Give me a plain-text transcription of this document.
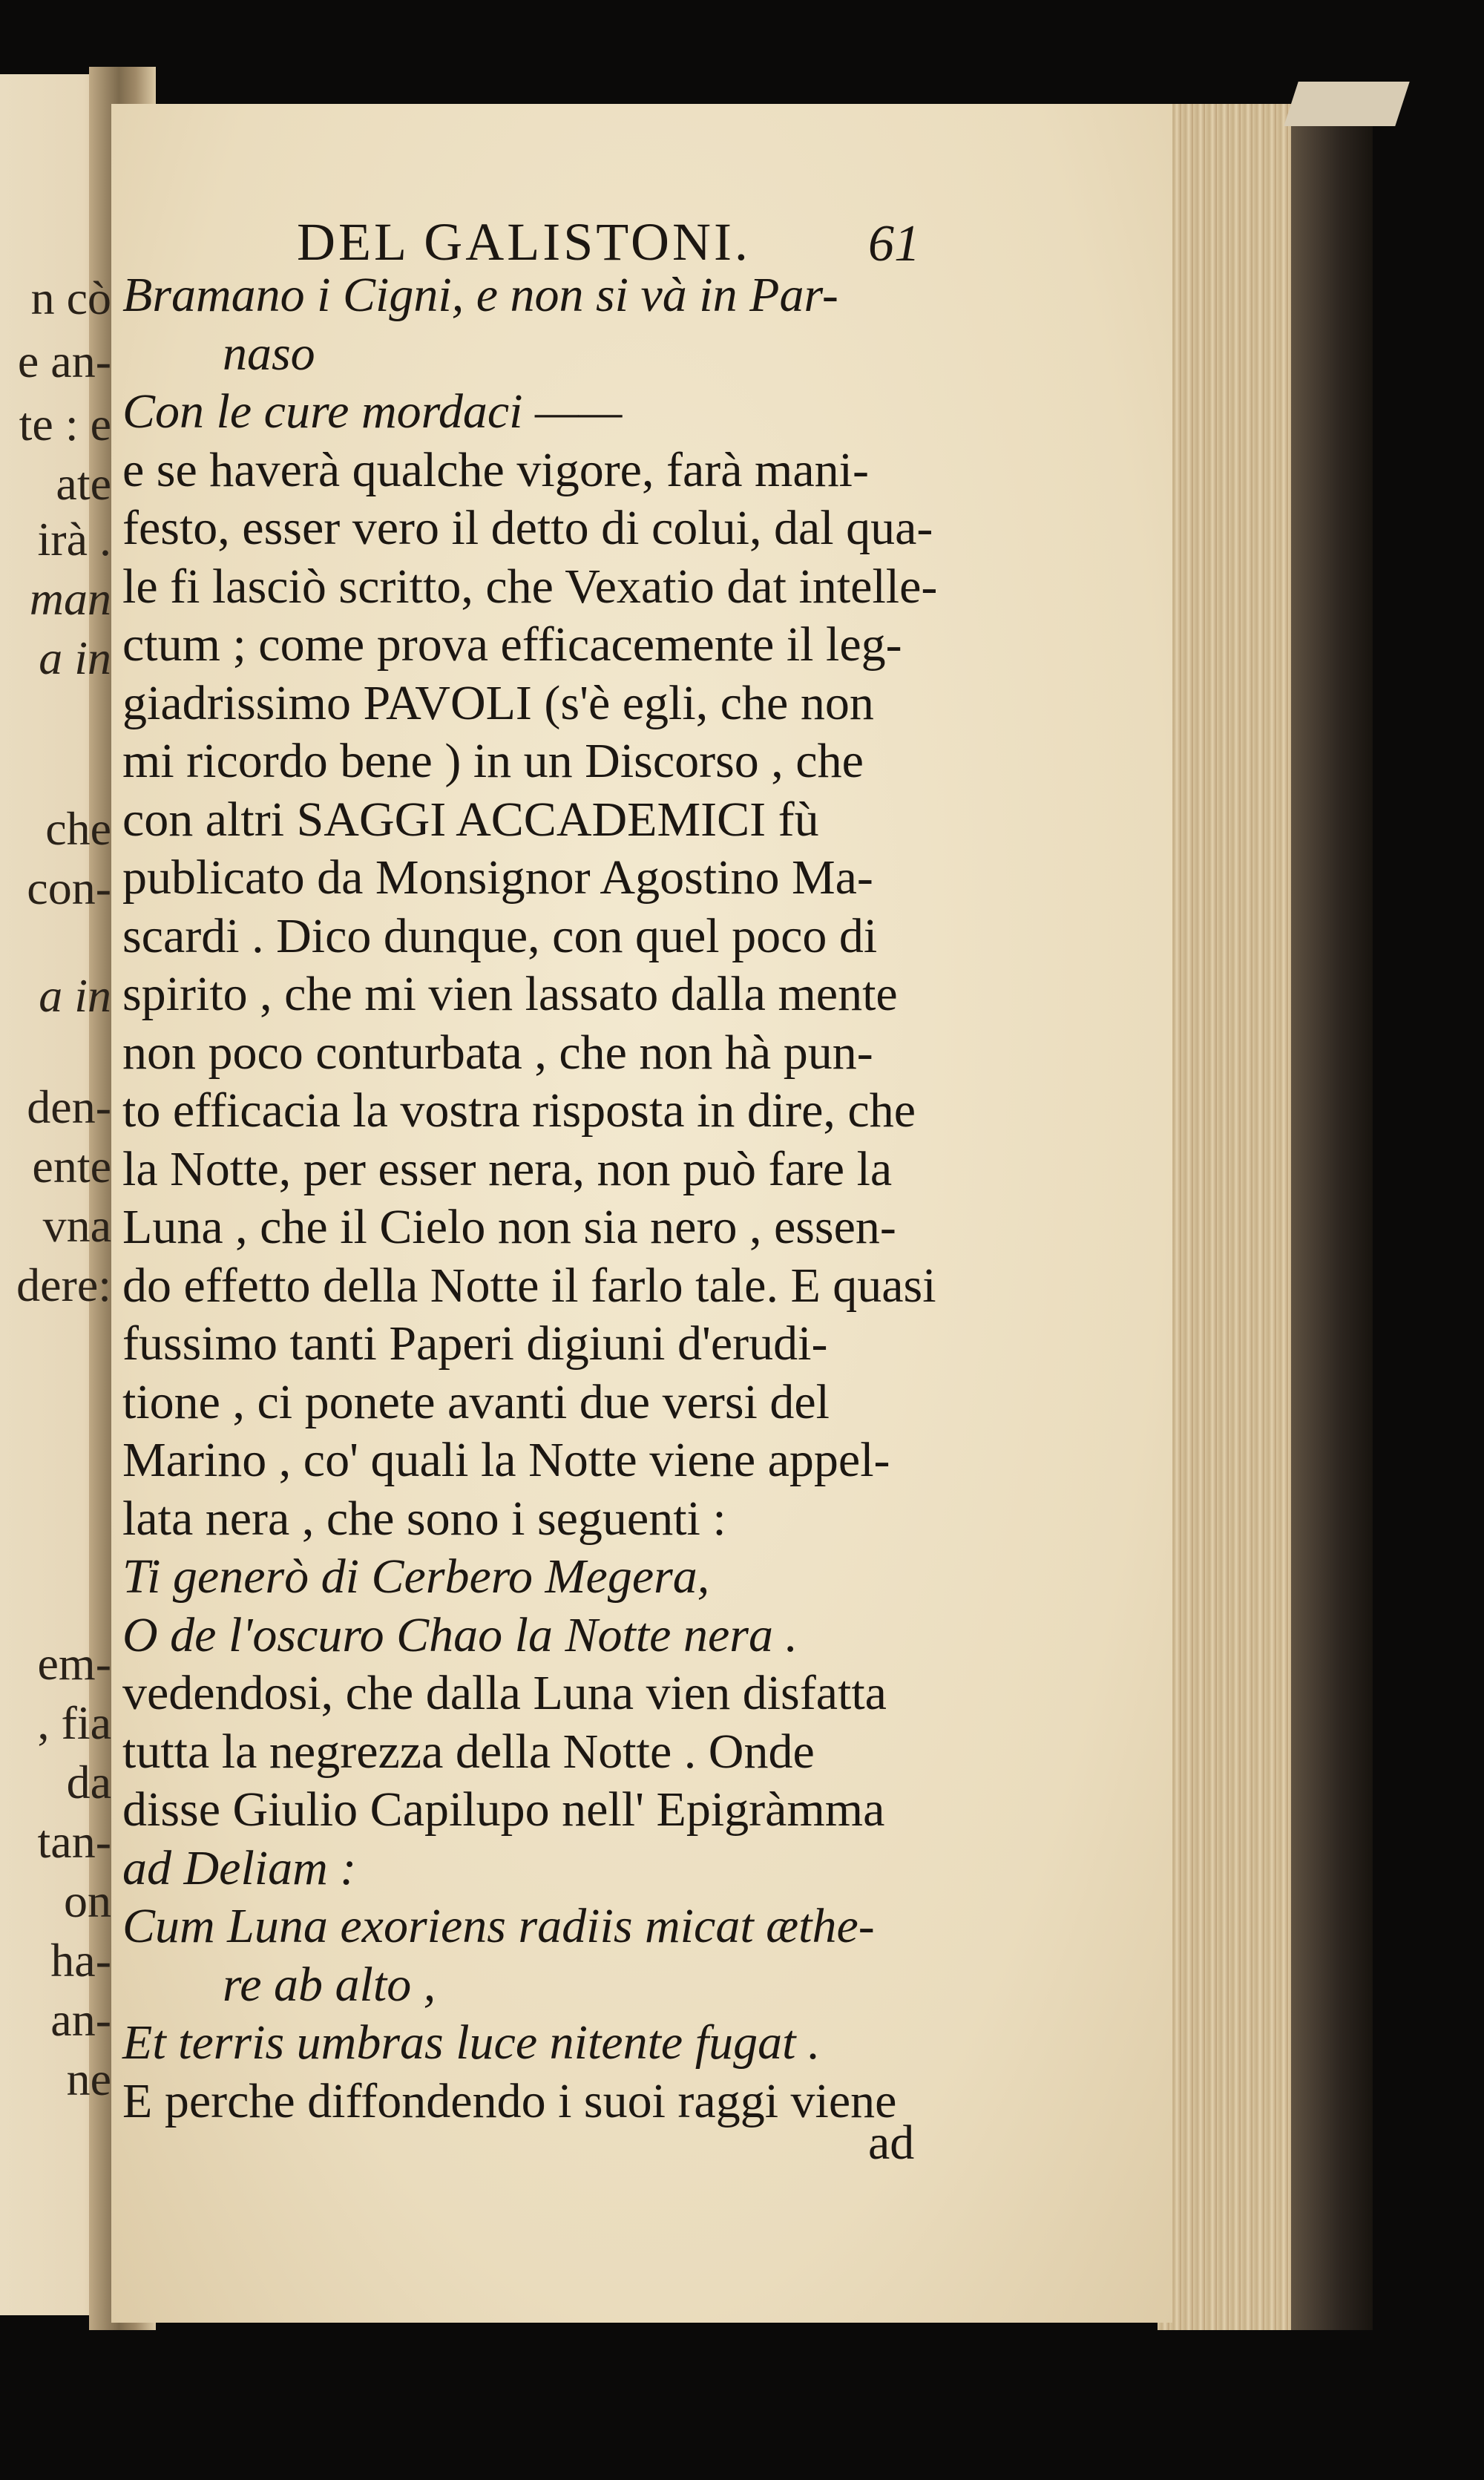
DEL GALISTONI. 61
n cò
e an-
te : e
ate
irà .
man
a in
che
con-
a in
den-
ente
vna
dere:
em-
, fia
da
tan-
on
ha-
an-
ne
Bramano i Cigni, e non si và in Par-
naso
Con le cure mordaci ——
e se haverà qualche vigore, farà mani-
festo, esser vero il detto di colui, dal qua-
le fi lasciò scritto, che Vexatio dat intelle-
ctum ; come prova efficacemente il leg-
giadrissimo PAVOLI (s'è egli, che non
mi ricordo bene ) in un Discorso , che
con altri SAGGI ACCADEMICI fù
publicato da Monsignor Agostino Ma-
scardi . Dico dunque, con quel poco di
spirito , che mi vien lassato dalla mente
non poco conturbata , che non hà pun-
to efficacia la vostra risposta in dire, che
la Notte, per esser nera, non può fare la
Luna , che il Cielo non sia nero , essen-
do effetto della Notte il farlo tale. E quasi
fussimo tanti Paperi digiuni d'erudi-
tione , ci ponete avanti due versi del
Marino , co' quali la Notte viene appel-
lata nera , che sono i seguenti :
Ti generò di Cerbero Megera,
O de l'oscuro Chao la Notte nera .
vedendosi, che dalla Luna vien disfatta
tutta la negrezza della Notte . Onde
disse Giulio Capilupo nell' Epigràmma
ad Deliam :
Cum Luna exoriens radiis micat æthe-
re ab alto ,
Et terris umbras luce nitente fugat .
E perche diffondendo i suoi raggi viene
ad
